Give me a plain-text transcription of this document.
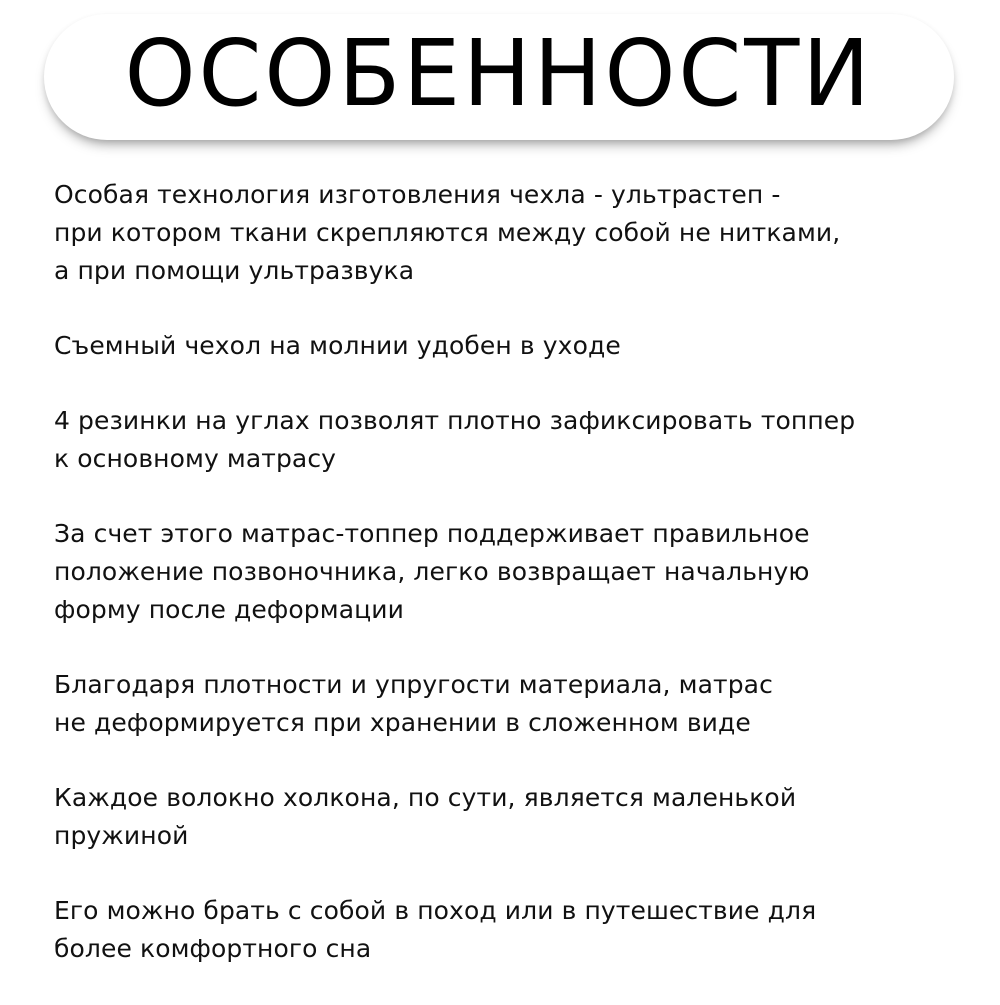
ОСОБЕННОСТИ
Особая технология изготовления чехла - ультрастеп -
при котором ткани скрепляются между собой не нитками,
а при помощи ультразвука
Съемный чехол на молнии удобен в уходе
4 резинки на углах позволят плотно зафиксировать топпер
к основному матрасу
За счет этого матрас-топпер поддерживает правильное
положение позвоночника, легко возвращает начальную
форму после деформации
Благодаря плотности и упругости материала, матрас
не деформируется при хранении в сложенном виде
Каждое волокно холкона, по сути, является маленькой
пружиной
Его можно брать с собой в поход или в путешествие для
более комфортного сна
